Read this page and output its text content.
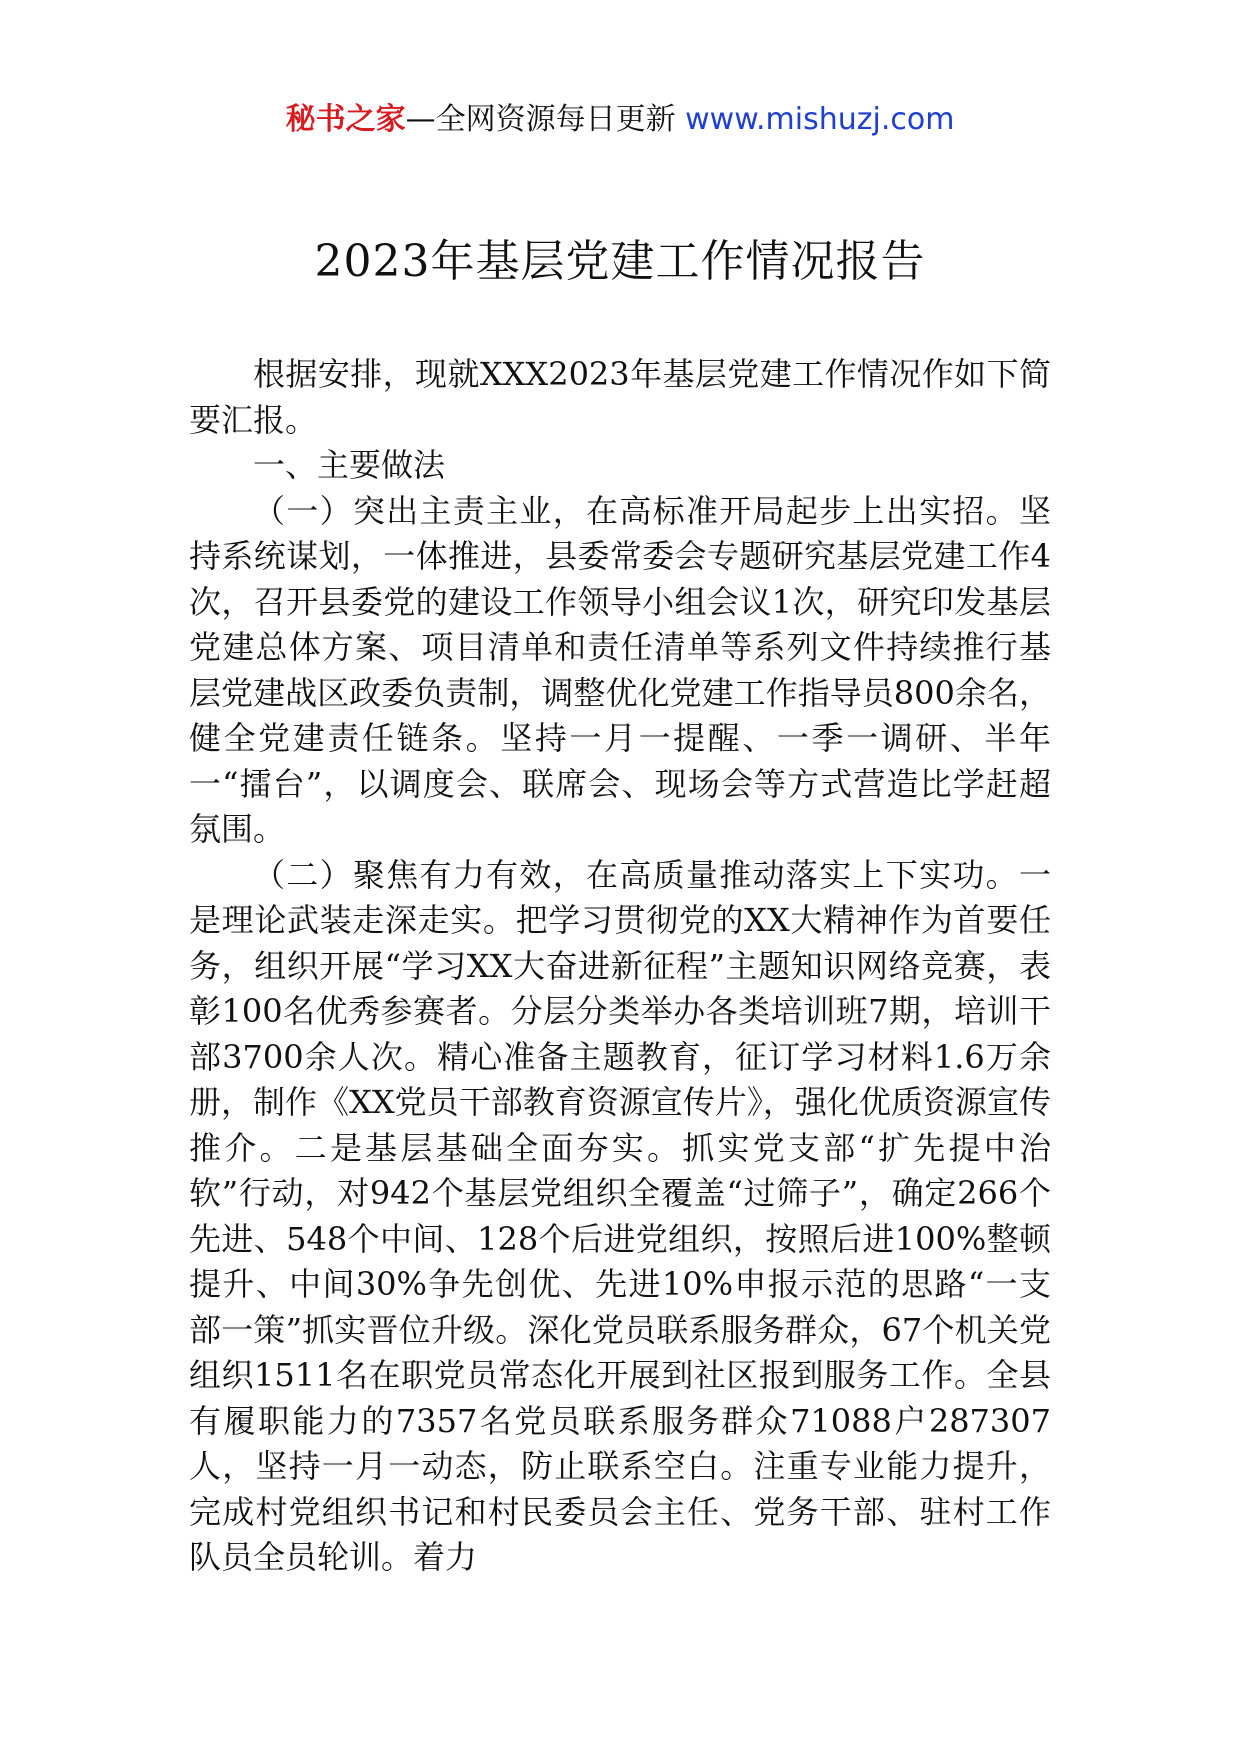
秘书之家—全网资源每日更新 www.mishuzj.com
2023年基层党建工作情况报告

根据安排，现就XXX2023年基层党建工作情况作如下简要汇报。

一、主要做法

（一）突出主责主业，在高标准开局起步上出实招。坚持系统谋划，一体推进，县委常委会专题研究基层党建工作4次，召开县委党的建设工作领导小组会议1次，研究印发基层党建总体方案、项目清单和责任清单等系列文件持续推行基层党建战区政委负责制，调整优化党建工作指导员800余名，健全党建责任链条。坚持一月一提醒、一季一调研、半年一“擂台”，以调度会、联席会、现场会等方式营造比学赶超氛围。

（二）聚焦有力有效，在高质量推动落实上下实功。一是理论武装走深走实。把学习贯彻党的XX大精神作为首要任务，组织开展“学习XX大奋进新征程”主题知识网络竞赛，表彰100名优秀参赛者。分层分类举办各类培训班7期，培训干部3700余人次。精心准备主题教育，征订学习材料1.6万余册，制作《XX党员干部教育资源宣传片》，强化优质资源宣传推介。二是基层基础全面夯实。抓实党支部“扩先提中治软”行动，对942个基层党组织全覆盖“过筛子”，确定266个先进、548个中间、128个后进党组织，按照后进100%整顿提升、中间30%争先创优、先进10%申报示范的思路“一支部一策”抓实晋位升级。深化党员联系服务群众，67个机关党组织1511名在职党员常态化开展到社区报到服务工作。全县有履职能力的7357名党员联系服务群众71088户287307人，坚持一月一动态，防止联系空白。注重专业能力提升，完成村党组织书记和村民委员会主任、党务干部、驻村工作队员全员轮训。着力
